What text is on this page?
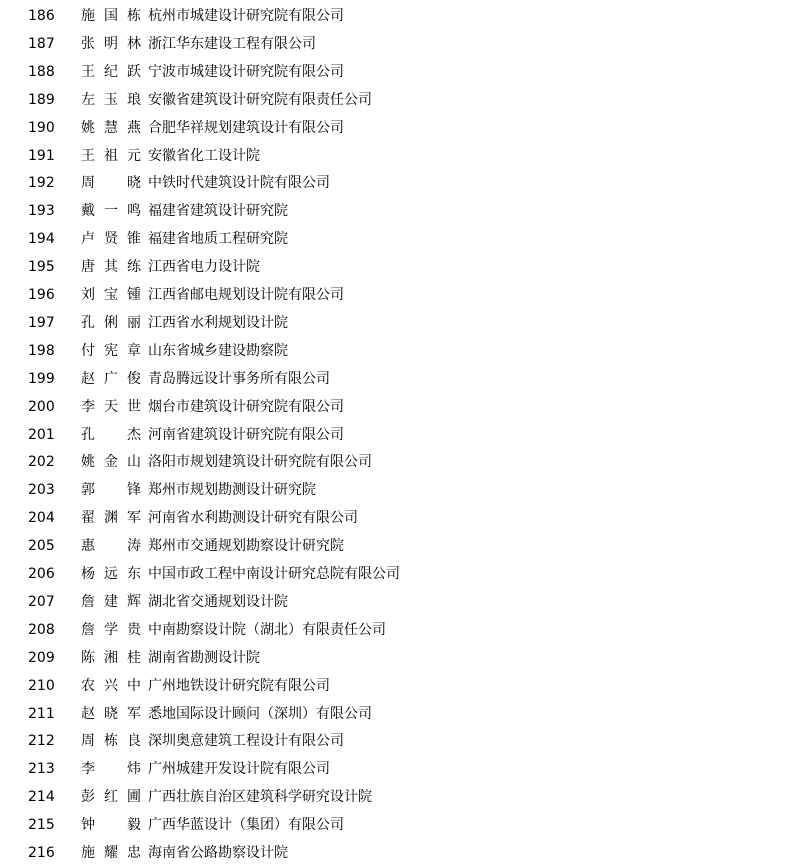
186	施国栋 杭州市城建设计研究院有限公司
187	张明林 浙江华东建设工程有限公司
188	王纪跃 宁波市城建设计研究院有限公司
189	左玉琅 安徽省建筑设计研究院有限责任公司
190	姚慧燕 合肥华祥规划建筑设计有限公司
191	王祖元 安徽省化工设计院
192	周　晓 中铁时代建筑设计院有限公司
193	戴一鸣 福建省建筑设计研究院
194	卢贤锥 福建省地质工程研究院
195	唐其练 江西省电力设计院
196	刘宝锺 江西省邮电规划设计院有限公司
197	孔俐丽 江西省水利规划设计院
198	付宪章 山东省城乡建设勘察院
199	赵广俊 青岛腾远设计事务所有限公司
200	李天世 烟台市建筑设计研究院有限公司
201	孔　杰 河南省建筑设计研究院有限公司
202	姚金山 洛阳市规划建筑设计研究院有限公司
203	郭　锋 郑州市规划勘测设计研究院
204	翟渊军 河南省水利勘测设计研究有限公司
205	惠　涛 郑州市交通规划勘察设计研究院
206	杨远东 中国市政工程中南设计研究总院有限公司
207	詹建辉 湖北省交通规划设计院
208	詹学贵 中南勘察设计院（湖北）有限责任公司
209	陈湘桂 湖南省勘测设计院
210	农兴中 广州地铁设计研究院有限公司
211	赵晓军 悉地国际设计顾问（深圳）有限公司
212	周栋良 深圳奥意建筑工程设计有限公司
213	李　炜 广州城建开发设计院有限公司
214	彭红圃 广西壮族自治区建筑科学研究设计院
215	钟　毅 广西华蓝设计（集团）有限公司
216	施耀忠 海南省公路勘察设计院
